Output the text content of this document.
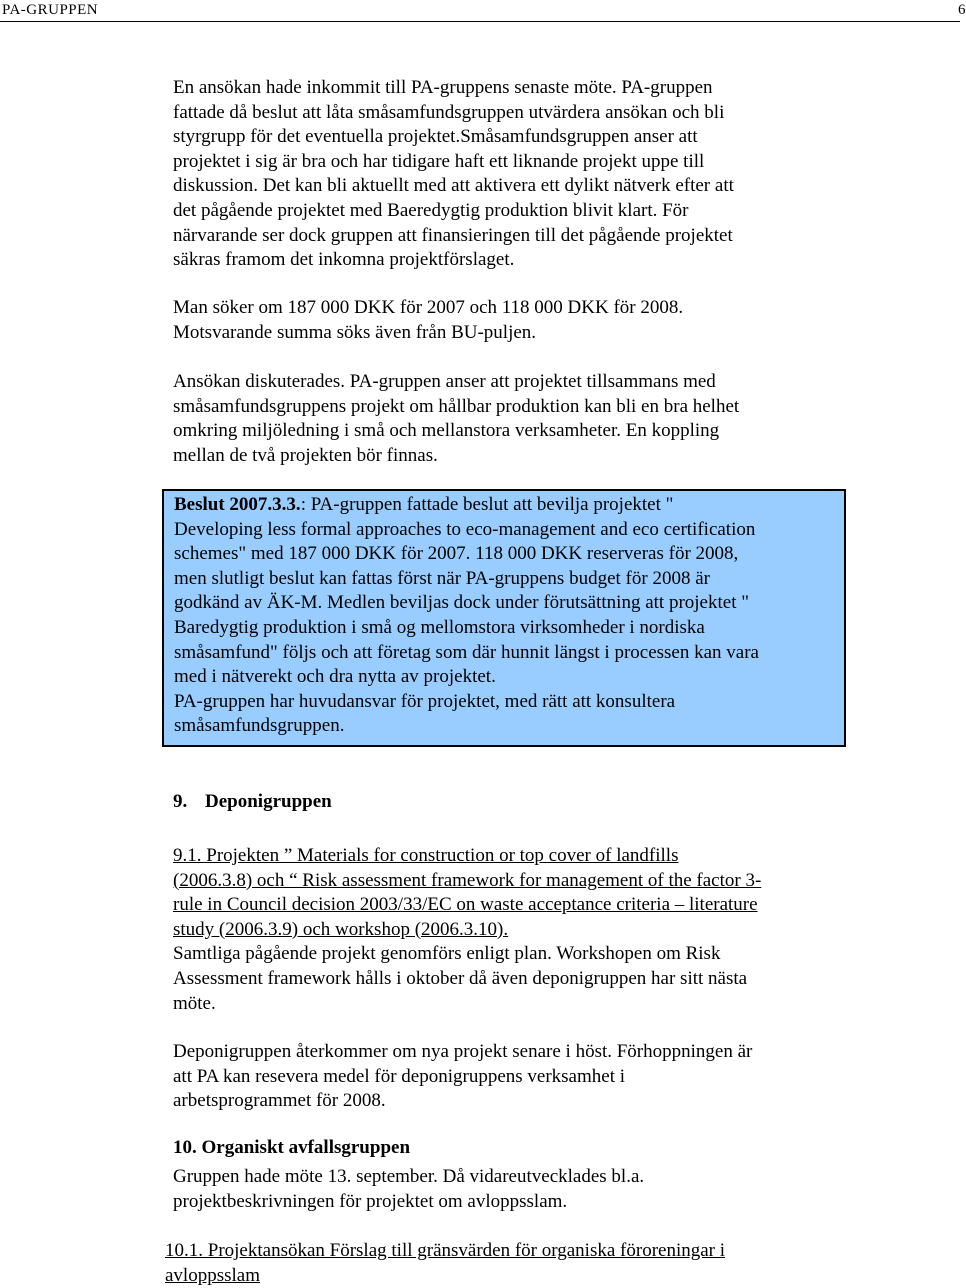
PA-GRUPPEN	6

En ansökan hade inkommit till PA-gruppens senaste möte. PA-gruppen
fattade då beslut att låta småsamfundsgruppen utvärdera ansökan och bli
styrgrupp för det eventuella projektet.Småsamfundsgruppen anser att
projektet i sig är bra och har tidigare haft ett liknande projekt uppe till
diskussion. Det kan bli aktuellt med att aktivera ett dylikt nätverk efter att
det pågående projektet med Baeredygtig produktion blivit klart. För
närvarande ser dock gruppen att finansieringen till det pågående projektet
säkras framom det inkomna projektförslaget.

Man söker om 187 000 DKK för 2007 och 118 000 DKK för 2008.
Motsvarande summa söks även från BU-puljen.

Ansökan diskuterades. PA-gruppen anser att projektet tillsammans med
småsamfundsgruppens projekt om hållbar produktion kan bli en bra helhet
omkring miljöledning i små och mellanstora verksamheter. En koppling
mellan de två projekten bör finnas.

Beslut 2007.3.3.: PA-gruppen fattade beslut att bevilja projektet "
Developing less formal approaches to eco-management and eco certification
schemes" med 187 000 DKK för 2007. 118 000 DKK reserveras för 2008,
men slutligt beslut kan fattas först när PA-gruppens budget för 2008 är
godkänd av ÄK-M. Medlen beviljas dock under förutsättning att projektet "
Baredygtig produktion i små og mellomstora virksomheder i nordiska
småsamfund" följs och att företag som där hunnit längst i processen kan vara
med i nätverekt och dra nytta av projektet.
PA-gruppen har huvudansvar för projektet, med rätt att konsultera
småsamfundsgruppen.

9. Deponigruppen

9.1. Projekten ” Materials for construction or top cover of landfills
(2006.3.8) och “ Risk assessment framework for management of the factor 3-
rule in Council decision 2003/33/EC on waste acceptance criteria – literature
study (2006.3.9) och workshop (2006.3.10).

Samtliga pågående projekt genomförs enligt plan. Workshopen om Risk
Assessment framework hålls i oktober då även deponigruppen har sitt nästa
möte.

Deponigruppen återkommer om nya projekt senare i höst. Förhoppningen är
att PA kan resevera medel för deponigruppens verksamhet i
arbetsprogrammet för 2008.

10. Organiskt avfallsgruppen

Gruppen hade möte 13. september. Då vidareutvecklades bl.a.
projektbeskrivningen för projektet om avloppsslam.

10.1. Projektansökan Förslag till gränsvärden för organiska föroreningar i
avloppsslam
